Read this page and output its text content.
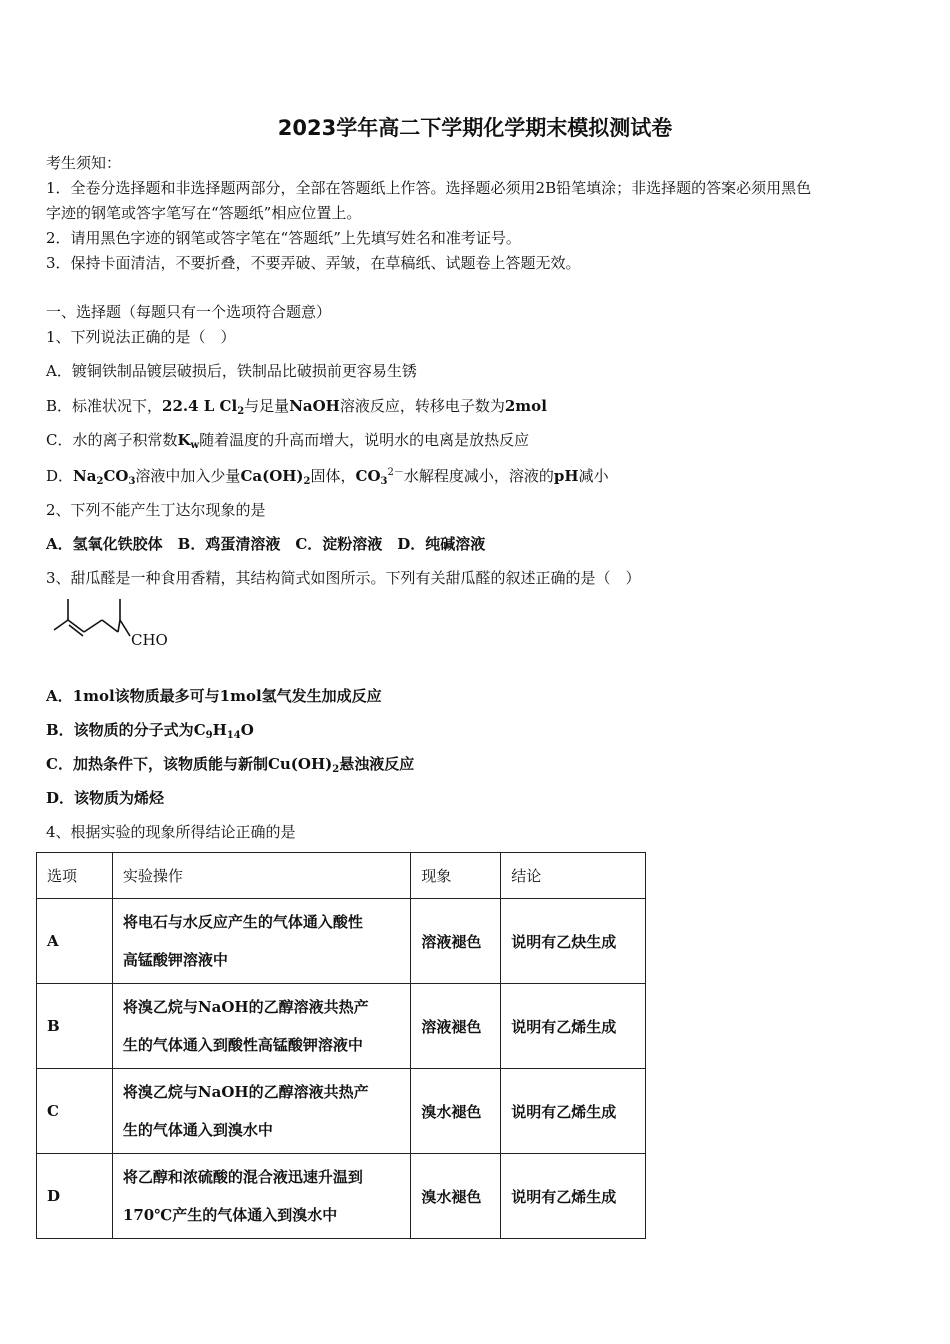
2023学年高二下学期化学期末模拟测试卷
考生须知：
1．全卷分选择题和非选择题两部分，全部在答题纸上作答。选择题必须用2B铅笔填涂；非选择题的答案必须用黑色
字迹的钢笔或答字笔写在“答题纸”相应位置上。
2．请用黑色字迹的钢笔或答字笔在“答题纸”上先填写姓名和准考证号。
3．保持卡面清洁，不要折叠，不要弄破、弄皱，在草稿纸、试题卷上答题无效。
一、选择题（每题只有一个选项符合题意）
1、下列说法正确的是（　）
A．镀铜铁制品镀层破损后，铁制品比破损前更容易生锈
B．标准状况下，22.4 L $Cl_2$与足量NaOH溶液反应，转移电子数为2mol
C．水的离子积常数$K_w$随着温度的升高而增大，说明水的电离是放热反应
D．$Na_2CO_3$溶液中加入少量$Ca(OH)_2$固体，$CO_3^{2-}$水解程度减小，溶液的pH减小
2、下列不能产生丁达尔现象的是
A．氢氧化铁胶体　B．鸡蛋清溶液　C．淀粉溶液　D．纯碱溶液
3、甜瓜醛是一种食用香精，其结构简式如图所示。下列有关甜瓜醛的叙述正确的是（　）
CHO
A．1mol该物质最多可与1mol氢气发生加成反应
B．该物质的分子式为$C_9H_{14}O$
C．加热条件下，该物质能与新制$Cu(OH)_2$悬浊液反应
D．该物质为烯烃
4、根据实验的现象所得结论正确的是
选项	实验操作	现象	结论
A	将电石与水反应产生的气体通入酸性
高锰酸钾溶液中	溶液褪色	说明有乙炔生成
B	将溴乙烷与NaOH的乙醇溶液共热产
生的气体通入到酸性高锰酸钾溶液中	溶液褪色	说明有乙烯生成
C	将溴乙烷与NaOH的乙醇溶液共热产
生的气体通入到溴水中	溴水褪色	说明有乙烯生成
D	将乙醇和浓硫酸的混合液迅速升温到
170℃产生的气体通入到溴水中	溴水褪色	说明有乙烯生成
